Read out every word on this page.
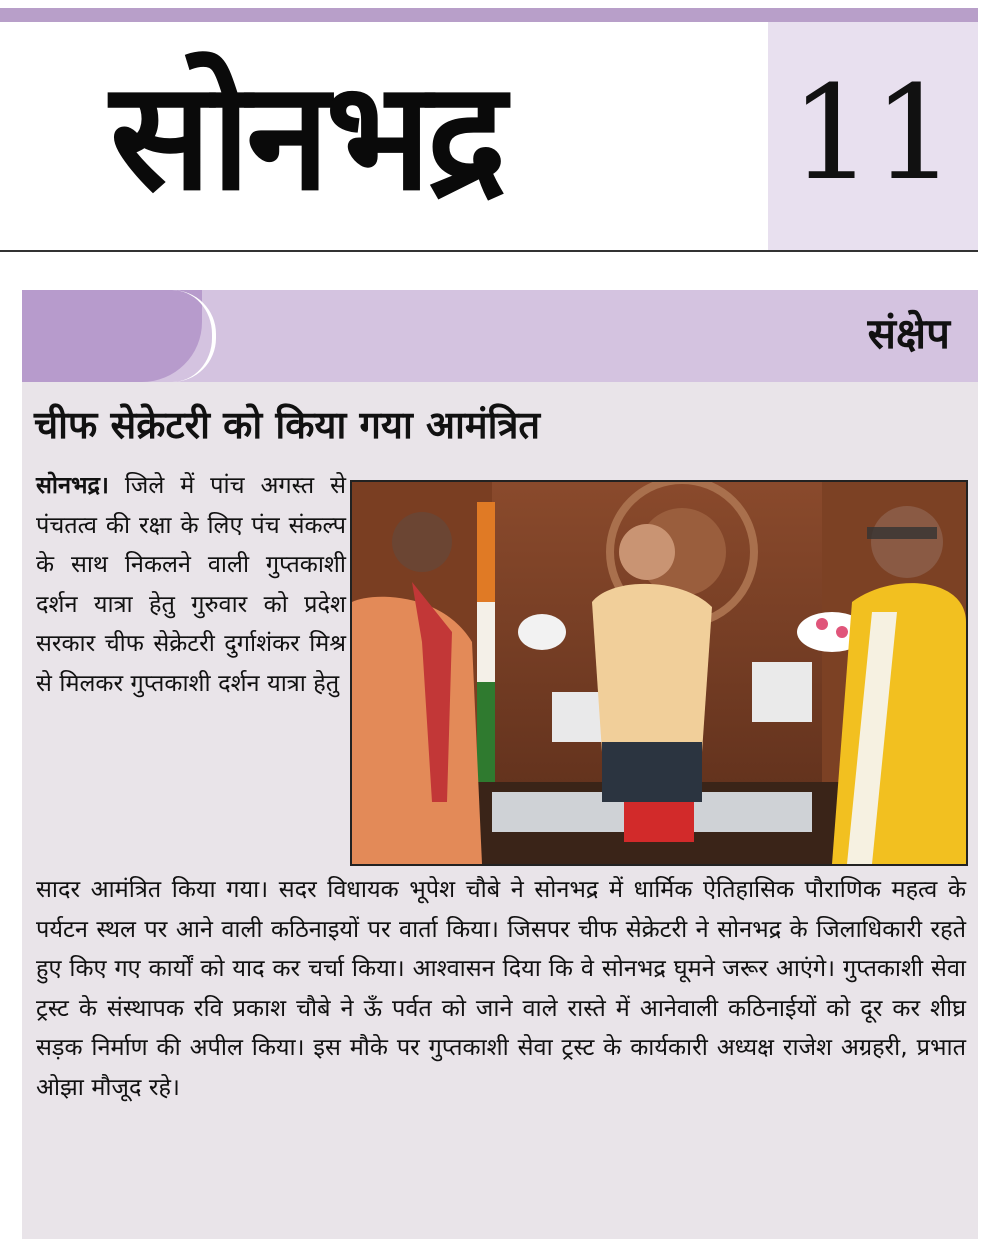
सोनभद्र 11
संक्षेप
चीफ सेक्रेटरी को किया गया आमंत्रित

सोनभद्र। जिले में पांच अगस्त से पंचतत्व की रक्षा के लिए पंच संकल्प के साथ निकलने वाली गुप्तकाशी दर्शन यात्रा हेतु गुरुवार को प्रदेश सरकार चीफ सेक्रेटरी दुर्गाशंकर मिश्र से मिलकर गुप्तकाशी दर्शन यात्रा हेतु

सादर आमंत्रित किया गया। सदर विधायक भूपेश चौबे ने सोनभद्र में धार्मिक ऐतिहासिक पौराणिक महत्व के पर्यटन स्थल पर आने वाली कठिनाइयों पर वार्ता किया। जिसपर चीफ सेक्रेटरी ने सोनभद्र के जिलाधिकारी रहते हुए किए गए कार्यों को याद कर चर्चा किया। आश्वासन दिया कि वे सोनभद्र घूमने जरूर आएंगे। गुप्तकाशी सेवा ट्रस्ट के संस्थापक रवि प्रकाश चौबे ने ऊँ पर्वत को जाने वाले रास्ते में आनेवाली कठिनाईयों को दूर कर शीघ्र सड़क निर्माण की अपील किया। इस मौके पर गुप्तकाशी सेवा ट्रस्ट के कार्यकारी अध्यक्ष राजेश अग्रहरी, प्रभात ओझा मौजूद रहे।
